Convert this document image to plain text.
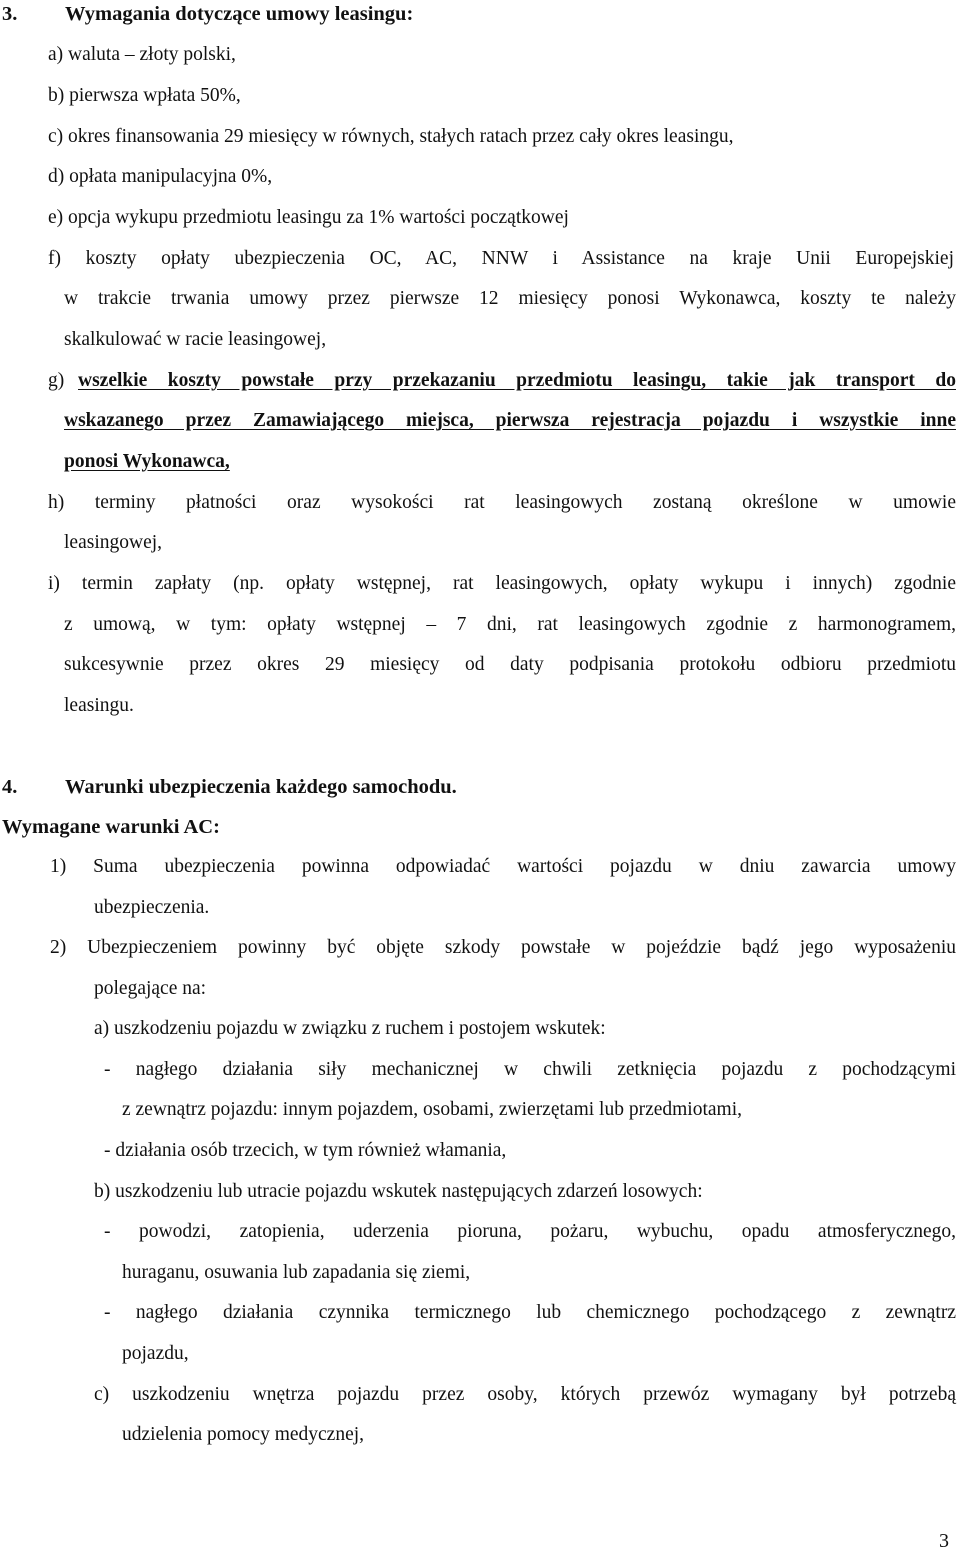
3. Wymagania dotyczące umowy leasingu:
a) waluta – złoty polski,
b) pierwsza wpłata 50%,
c) okres finansowania 29 miesięcy w równych, stałych ratach przez cały okres leasingu,
d) opłata manipulacyjna 0%,
e) opcja wykupu przedmiotu leasingu za 1% wartości początkowej
f) koszty opłaty ubezpieczenia OC, AC, NNW i Assistance na kraje Unii Europejskiej
w trakcie trwania umowy przez pierwsze 12 miesięcy ponosi Wykonawca, koszty te należy
skalkulować w racie leasingowej,
g) wszelkie koszty powstałe przy przekazaniu przedmiotu leasingu, takie jak transport do
wskazanego przez Zamawiającego miejsca, pierwsza rejestracja pojazdu i wszystkie inne
ponosi Wykonawca,
h) terminy płatności oraz wysokości rat leasingowych zostaną określone w umowie
leasingowej,
i) termin zapłaty (np. opłaty wstępnej, rat leasingowych, opłaty wykupu i innych) zgodnie
z umową, w tym: opłaty wstępnej – 7 dni, rat leasingowych zgodnie z harmonogramem,
sukcesywnie przez okres 29 miesięcy od daty podpisania protokołu odbioru przedmiotu
leasingu.
4. Warunki ubezpieczenia każdego samochodu.
Wymagane warunki AC:
1) Suma ubezpieczenia powinna odpowiadać wartości pojazdu w dniu zawarcia umowy
ubezpieczenia.
2) Ubezpieczeniem powinny być objęte szkody powstałe w pojeździe bądź jego wyposażeniu
polegające na:
a) uszkodzeniu pojazdu w związku z ruchem i postojem wskutek:
- nagłego działania siły mechanicznej w chwili zetknięcia pojazdu z pochodzącymi
z zewnątrz pojazdu: innym pojazdem, osobami, zwierzętami lub przedmiotami,
- działania osób trzecich, w tym również włamania,
b) uszkodzeniu lub utracie pojazdu wskutek następujących zdarzeń losowych:
- powodzi, zatopienia, uderzenia pioruna, pożaru, wybuchu, opadu atmosferycznego,
huraganu, osuwania lub zapadania się ziemi,
- nagłego działania czynnika termicznego lub chemicznego pochodzącego z zewnątrz
pojazdu,
c) uszkodzeniu wnętrza pojazdu przez osoby, których przewóz wymagany był potrzebą
udzielenia pomocy medycznej,
3
